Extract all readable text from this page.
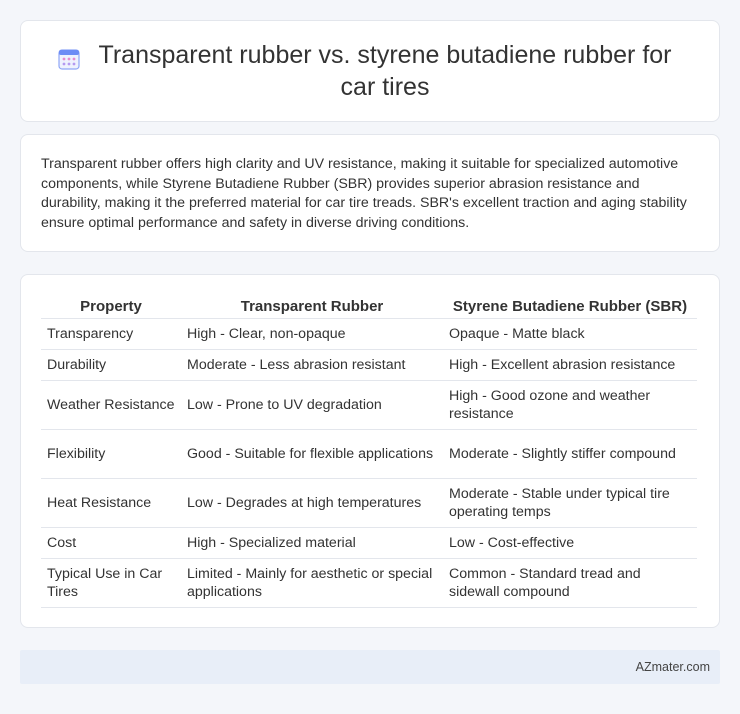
Transparent rubber vs. styrene butadiene rubber for car tires

Transparent rubber offers high clarity and UV resistance, making it suitable for specialized automotive components, while Styrene Butadiene Rubber (SBR) provides superior abrasion resistance and durability, making it the preferred material for car tire treads. SBR's excellent traction and aging stability ensure optimal performance and safety in diverse driving conditions.

Property	Transparent Rubber	Styrene Butadiene Rubber (SBR)
Transparency	High - Clear, non-opaque	Opaque - Matte black
Durability	Moderate - Less abrasion resistant	High - Excellent abrasion resistance
Weather Resistance	Low - Prone to UV degradation	High - Good ozone and weather resistance
Flexibility	Good - Suitable for flexible applications	Moderate - Slightly stiffer compound
Heat Resistance	Low - Degrades at high temperatures	Moderate - Stable under typical tire operating temps
Cost	High - Specialized material	Low - Cost-effective
Typical Use in Car Tires	Limited - Mainly for aesthetic or special applications	Common - Standard tread and sidewall compound
AZmater.com
